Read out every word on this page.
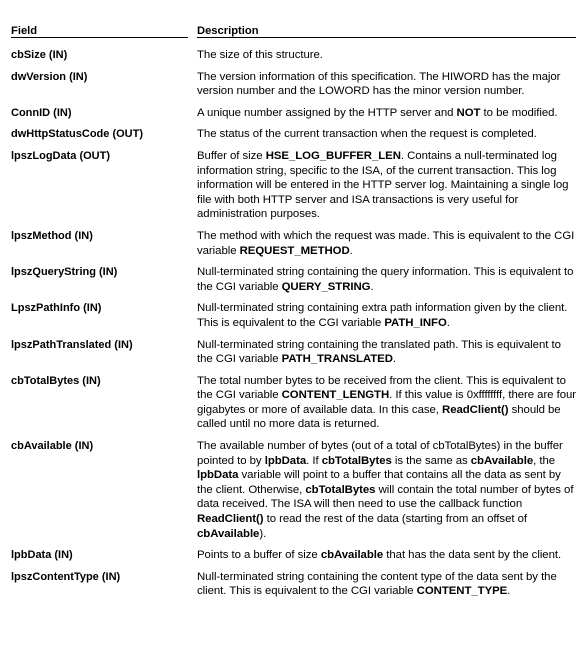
Field	Description
cbSize (IN)	The size of this structure.
dwVersion (IN)	The version information of this specification. The HIWORD has the major version number and the LOWORD has the minor version number.
ConnID (IN)	A unique number assigned by the HTTP server and NOT to be modified.
dwHttpStatusCode (OUT)	The status of the current transaction when the request is completed.
lpszLogData (OUT)	Buffer of size HSE_LOG_BUFFER_LEN. Contains a null-terminated log information string, specific to the ISA, of the current transaction. This log information will be entered in the HTTP server log. Maintaining a single log file with both HTTP server and ISA transactions is very useful for administration purposes.
lpszMethod (IN)	The method with which the request was made. This is equivalent to the CGI variable REQUEST_METHOD.
lpszQueryString (IN)	Null-terminated string containing the query information. This is equivalent to the CGI variable QUERY_STRING.
LpszPathInfo (IN)	Null-terminated string containing extra path information given by the client. This is equivalent to the CGI variable PATH_INFO.
lpszPathTranslated (IN)	Null-terminated string containing the translated path. This is equivalent to the CGI variable PATH_TRANSLATED.
cbTotalBytes (IN)	The total number bytes to be received from the client. This is equivalent to the CGI variable CONTENT_LENGTH. If this value is 0xffffffff, there are four gigabytes or more of available data. In this case, ReadClient() should be called until no more data is returned.
cbAvailable (IN)	The available number of bytes (out of a total of cbTotalBytes) in the buffer pointed to by lpbData. If cbTotalBytes is the same as cbAvailable, the lpbData variable will point to a buffer that contains all the data as sent by the client. Otherwise, cbTotalBytes will contain the total number of bytes of data received. The ISA will then need to use the callback function ReadClient() to read the rest of the data (starting from an offset of cbAvailable).
lpbData (IN)	Points to a buffer of size cbAvailable that has the data sent by the client.
lpszContentType (IN)	Null-terminated string containing the content type of the data sent by the client. This is equivalent to the CGI variable CONTENT_TYPE.
